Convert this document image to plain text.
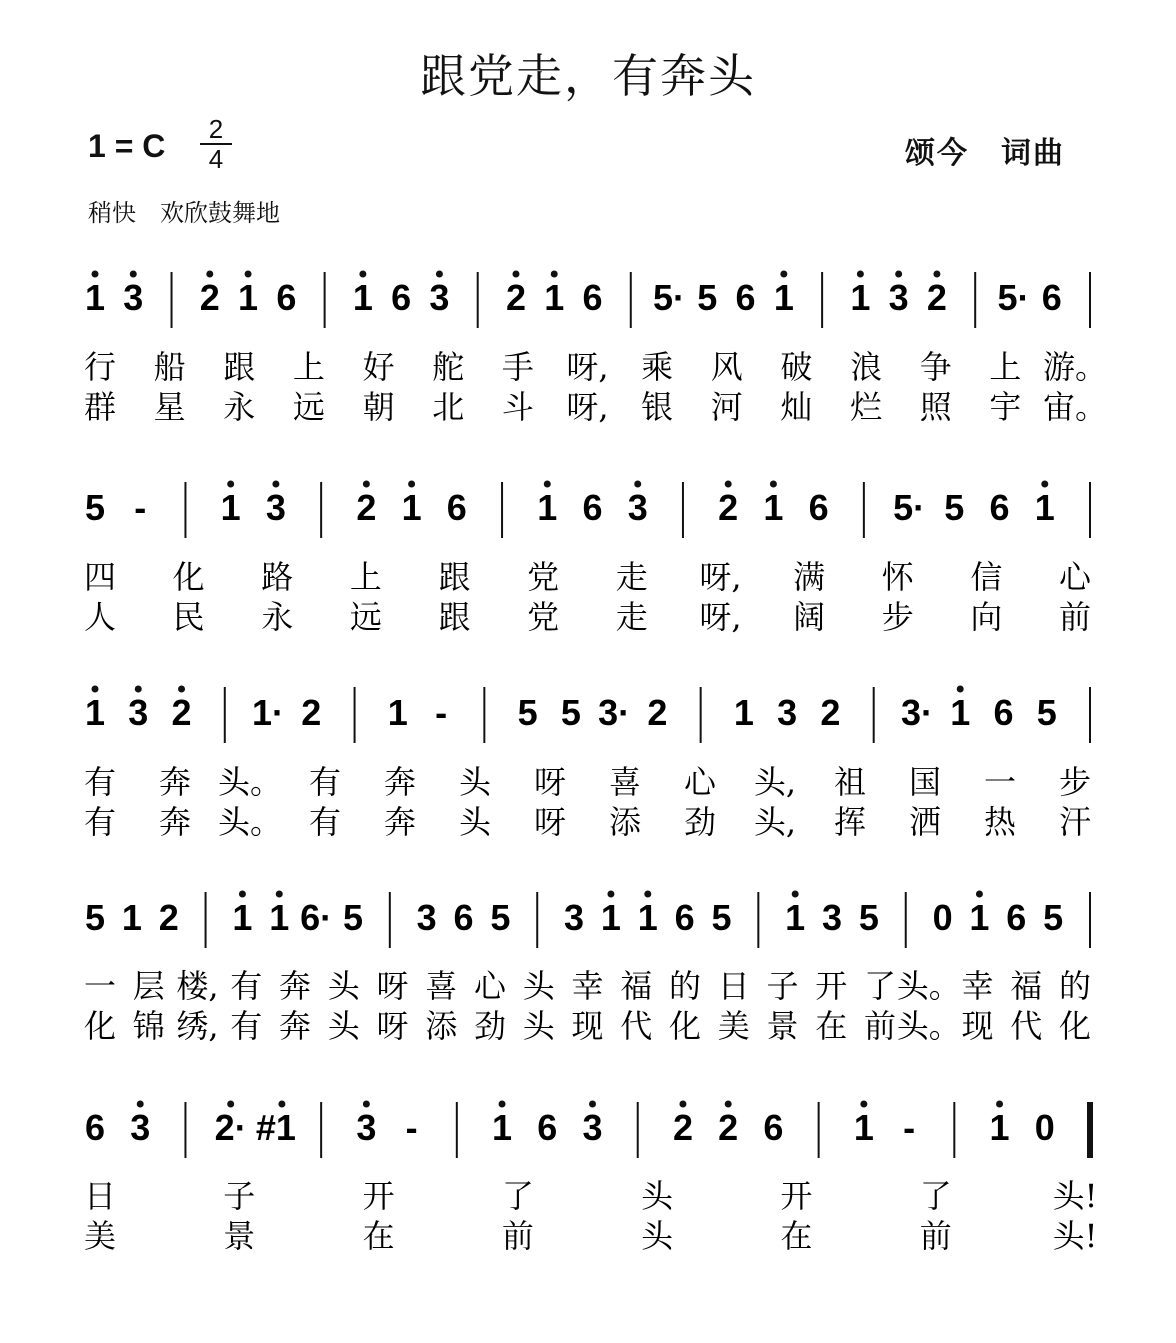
跟党走，有奔头
1 = C	2
4	颂今　词曲
稍快　欢欣鼓舞地
1 3 2 1 6 1 6 3 2 1 6 5· 5 6 1 1 3 2 5· 6
行 船 跟 上 好 舵 手 呀, 乘 风 破 浪 争 上 游。
群 星 永 远 朝 北 斗 呀, 银 河 灿 烂 照 宇 宙。
5 - 1 3 2 1 6 1 6 3 2 1 6 5· 5 6 1
四 化 路 上 跟 党 走 呀, 满 怀 信 心
人 民 永 远 跟 党 走 呀, 阔 步 向 前
1 3 2 1· 2 1 - 5 5 3· 2 1 3 2 3· 1 6 5
有 奔 头。 有 奔 头 呀 喜 心 头, 祖 国 一 步
有 奔 头。 有 奔 头 呀 添 劲 头, 挥 洒 热 汗
5 1 2 1 1 6· 5 3 6 5 3 1 1 6 5 1 3 5 0 1 6 5
一 层 楼, 有 奔 头 呀 喜 心 头 幸 福 的 日 子 开 了 头。 幸 福 的
化 锦 绣, 有 奔 头 呀 添 劲 头 现 代 化 美 景 在 前 头。 现 代 化
6 3 2· #1 3 - 1 6 3 2 2 6 1 - 1 0
日	子	开	了	头	开	了	头!
美	景	在	前	头	在	前	头!
